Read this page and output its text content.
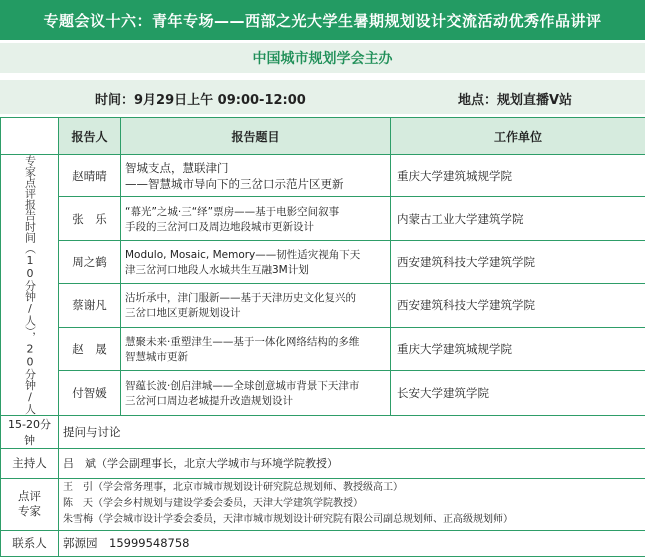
专题会议十六：青年专场——西部之光大学生暑期规划设计交流活动优秀作品讲评
中国城市规划学会主办
时间：9月29日上午 09:00-12:00	地点：规划直播V站
	报告人	报告题目	工作单位

专家点评报告时间（10分钟/人），20分钟/人	赵晴晴	智城支点，慧联津门
——智慧城市导向下的三岔口示范片区更新	重庆大学建筑城规学院
	张　乐	“幕光”之城·三“绎”票房——基于电影空间叙事
手段的三岔河口及周边地段城市更新设计	内蒙古工业大学建筑学院
	周之鹤	Modulo, Mosaic, Memory——韧性适灾视角下天
津三岔河口地段人水城共生互融3M计划	西安建筑科技大学建筑学院
	蔡谢凡	沽圻承中，津门服新——基于天津历史文化复兴的
三岔口地区更新规划设计	西安建筑科技大学建筑学院
	赵　晟	慧聚未来·重塑津生——基于一体化网络结构的多维
智慧城市更新	重庆大学建筑城规学院
	付智媛	智蕴长波·创启津城——全球创意城市背景下天津市
三岔河口周边老城提升改造规划设计	长安大学建筑学院
15-20分钟	提问与讨论		
主持人	吕　斌（学会副理事长，北京大学城市与环境学院教授）		

点评专家	王　引（学会常务理事，北京市城市规划设计研究院总规划师、教授级高工）
陈　天（学会乡村规划与建设学委会委员，天津大学建筑学院教授）
朱雪梅（学会城市设计学委会委员，天津市城市规划设计研究院有限公司副总规划师、正高级规划师）		

联系人	郭源园　15999548758		
